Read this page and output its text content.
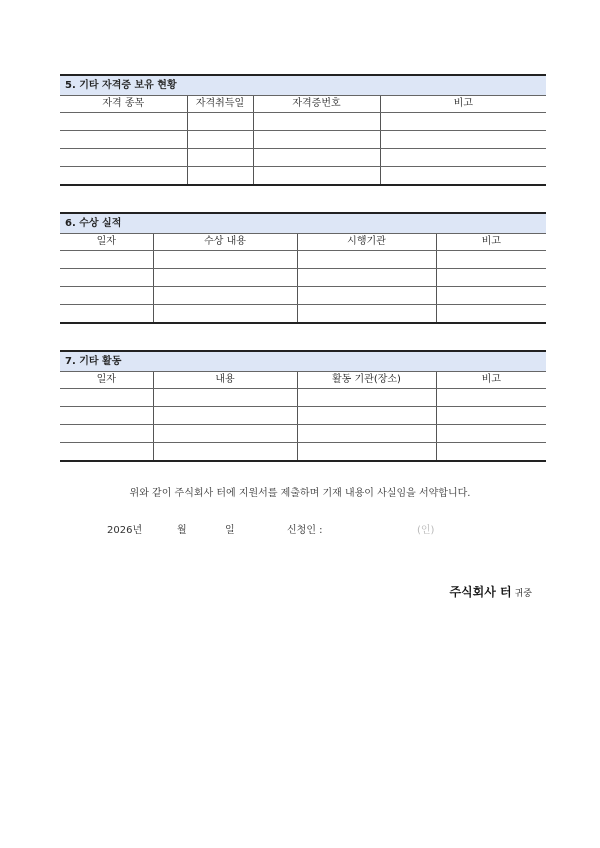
5. 기타 자격증 보유 현황
자격 종목	자격취득일	자격증번호	비고

6. 수상 실적
일자	수상 내용	시행기관	비고

7. 기타 활동
일자	내용	활동 기관(장소)	비고

위와 같이 주식회사 터에 지원서를 제출하며 기재 내용이 사실임을 서약합니다.
2026년	월	일	신청인 :	(인)
주식회사 터 귀중
